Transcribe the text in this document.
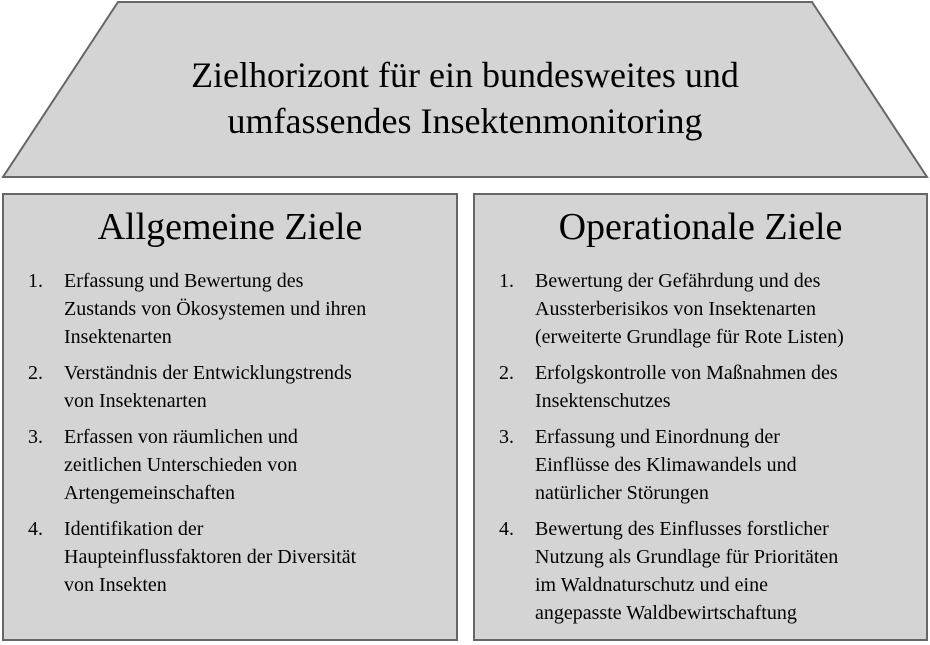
Zielhorizont für ein bundesweites und
umfassendes Insektenmonitoring
Allgemeine Ziele
1. Erfassung und Bewertung des
Zustands von Ökosystemen und ihren
Insektenarten
2. Verständnis der Entwicklungstrends
von Insektenarten
3. Erfassen von räumlichen und
zeitlichen Unterschieden von
Artengemeinschaften
4. Identifikation der
Haupteinflussfaktoren der Diversität
von Insekten
Operationale Ziele
1. Bewertung der Gefährdung und des
Aussterberisikos von Insektenarten
(erweiterte Grundlage für Rote Listen)
2. Erfolgskontrolle von Maßnahmen des
Insektenschutzes
3. Erfassung und Einordnung der
Einflüsse des Klimawandels und
natürlicher Störungen
4. Bewertung des Einflusses forstlicher
Nutzung als Grundlage für Prioritäten
im Waldnaturschutz und eine
angepasste Waldbewirtschaftung
